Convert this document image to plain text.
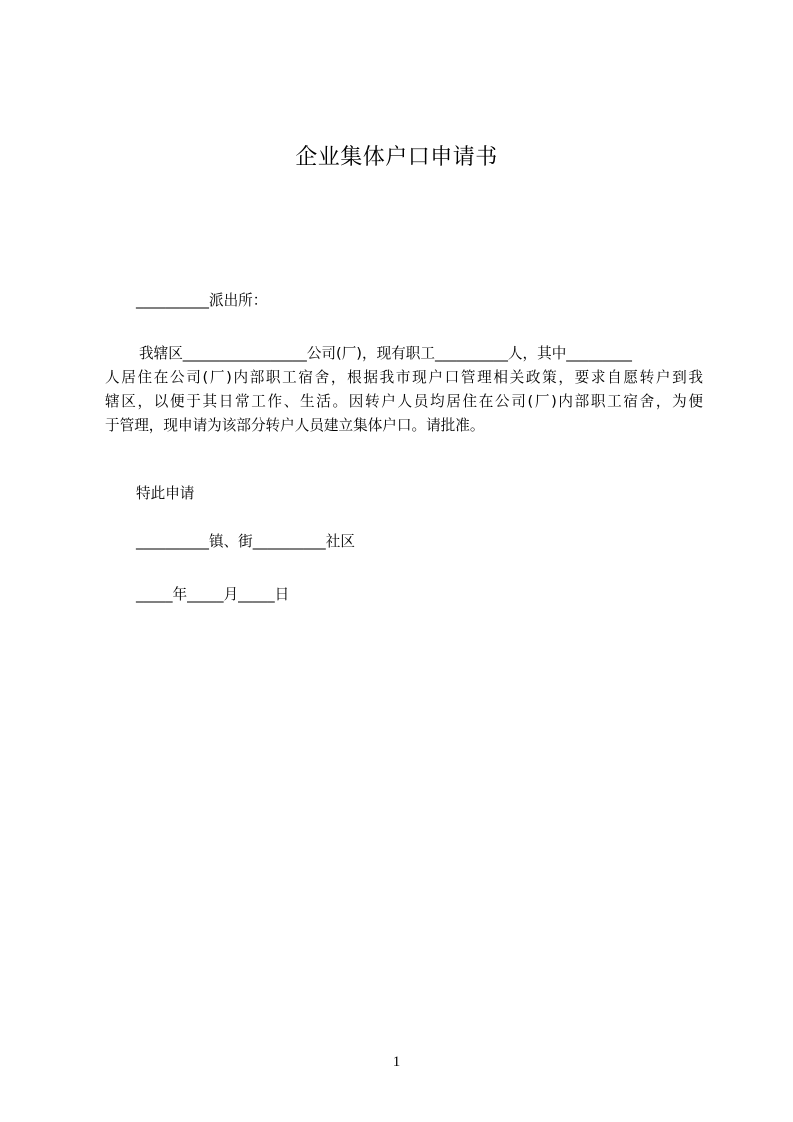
企业集体户口申请书
__________派出所：
我辖区_________________公司(厂)，现有职工__________人，其中_________
人居住在公司(厂)内部职工宿舍，根据我市现户口管理相关政策，要求自愿转户到我
辖区，以便于其日常工作、生活。因转户人员均居住在公司(厂)内部职工宿舍，为便
于管理，现申请为该部分转户人员建立集体户口。请批准。
特此申请
__________镇、街__________社区
_____年_____月_____日
1
